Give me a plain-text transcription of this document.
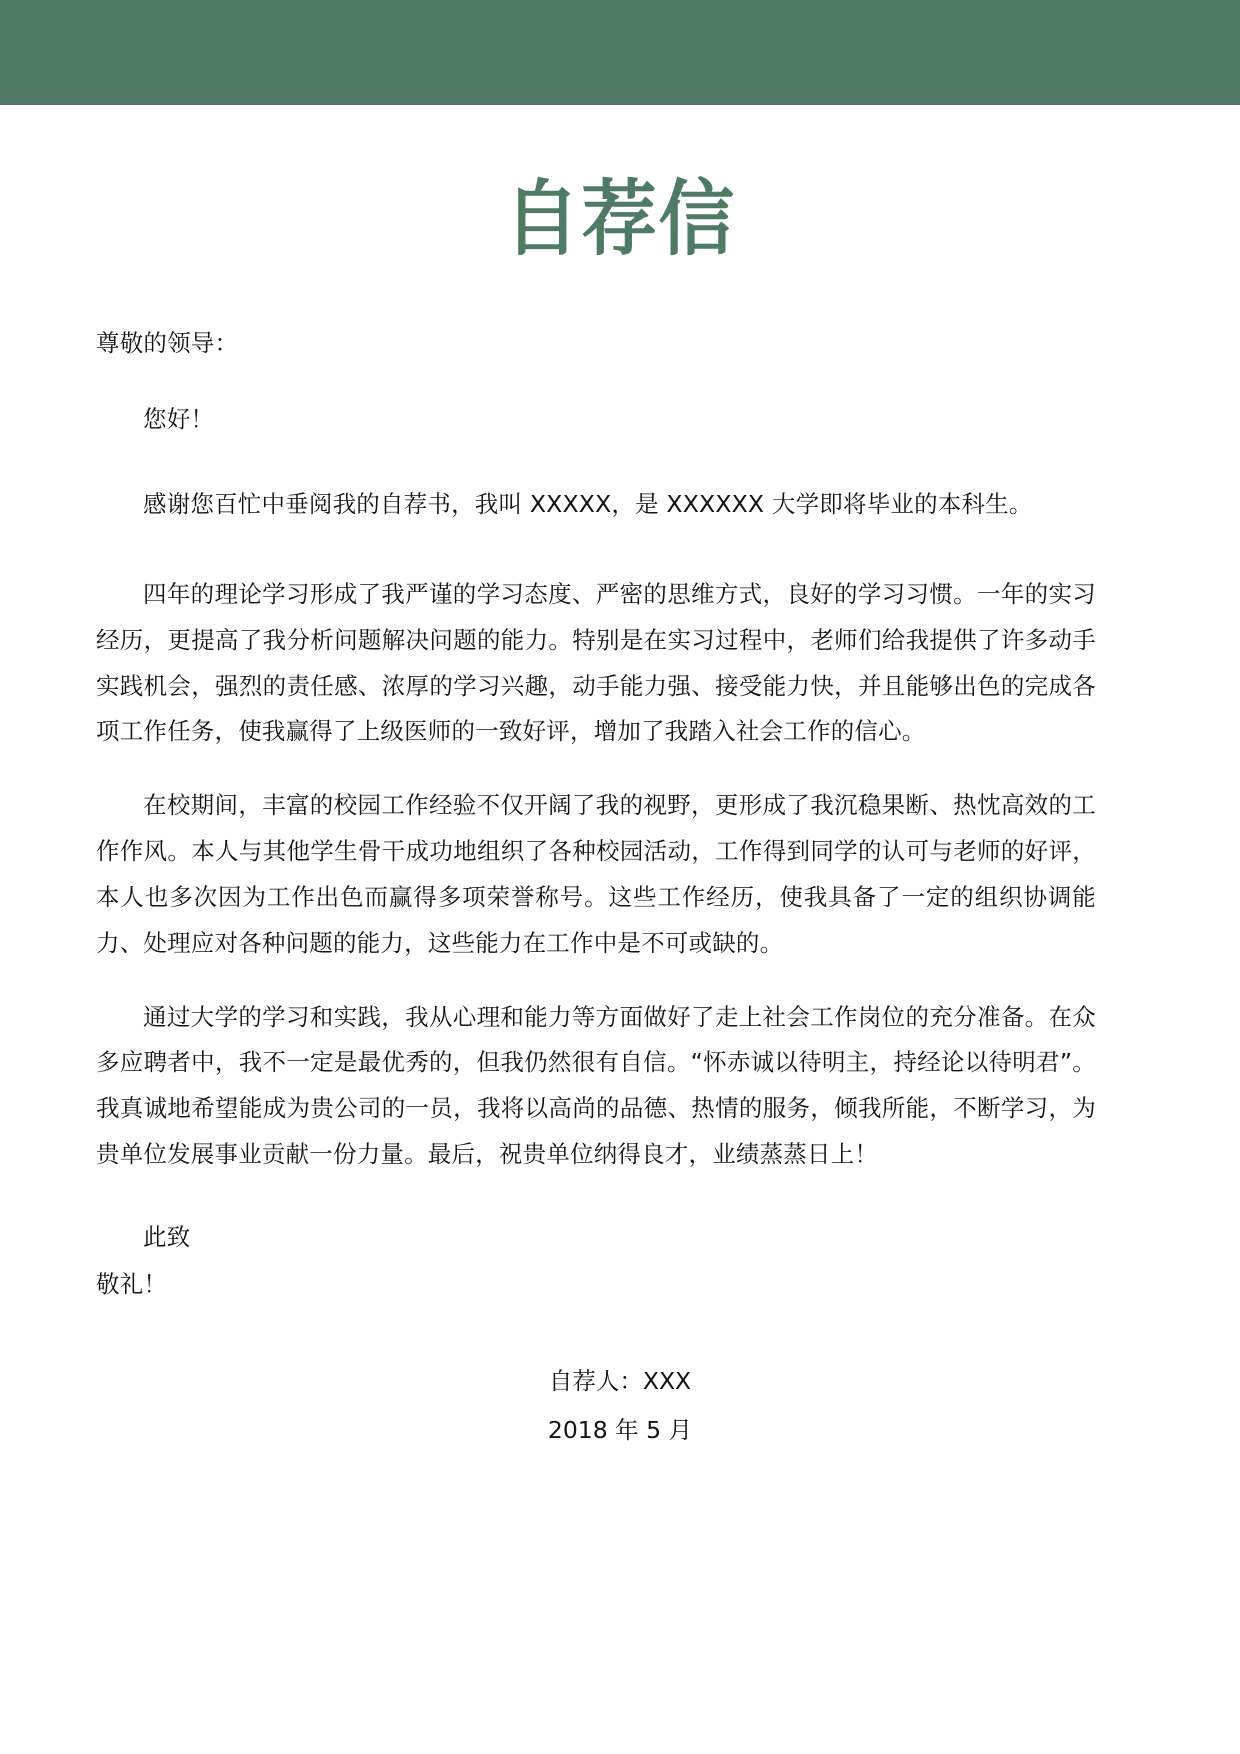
自荐信

尊敬的领导：

您好！

感谢您百忙中垂阅我的自荐书，我叫 XXXXX，是 XXXXXX 大学即将毕业的本科生。

四年的理论学习形成了我严谨的学习态度、严密的思维方式，良好的学习习惯。一年的实习经历，更提高了我分析问题解决问题的能力。特别是在实习过程中，老师们给我提供了许多动手实践机会，强烈的责任感、浓厚的学习兴趣，动手能力强、接受能力快，并且能够出色的完成各项工作任务，使我赢得了上级医师的一致好评，增加了我踏入社会工作的信心。

在校期间，丰富的校园工作经验不仅开阔了我的视野，更形成了我沉稳果断、热忱高效的工作作风。本人与其他学生骨干成功地组织了各种校园活动，工作得到同学的认可与老师的好评，本人也多次因为工作出色而赢得多项荣誉称号。这些工作经历，使我具备了一定的组织协调能力、处理应对各种问题的能力，这些能力在工作中是不可或缺的。

通过大学的学习和实践，我从心理和能力等方面做好了走上社会工作岗位的充分准备。在众多应聘者中，我不一定是最优秀的，但我仍然很有自信。“怀赤诚以待明主，持经论以待明君”。我真诚地希望能成为贵公司的一员，我将以高尚的品德、热情的服务，倾我所能，不断学习，为贵单位发展事业贡献一份力量。最后，祝贵单位纳得良才，业绩蒸蒸日上！

此致

敬礼！

自荐人：XXX

2018 年 5 月
